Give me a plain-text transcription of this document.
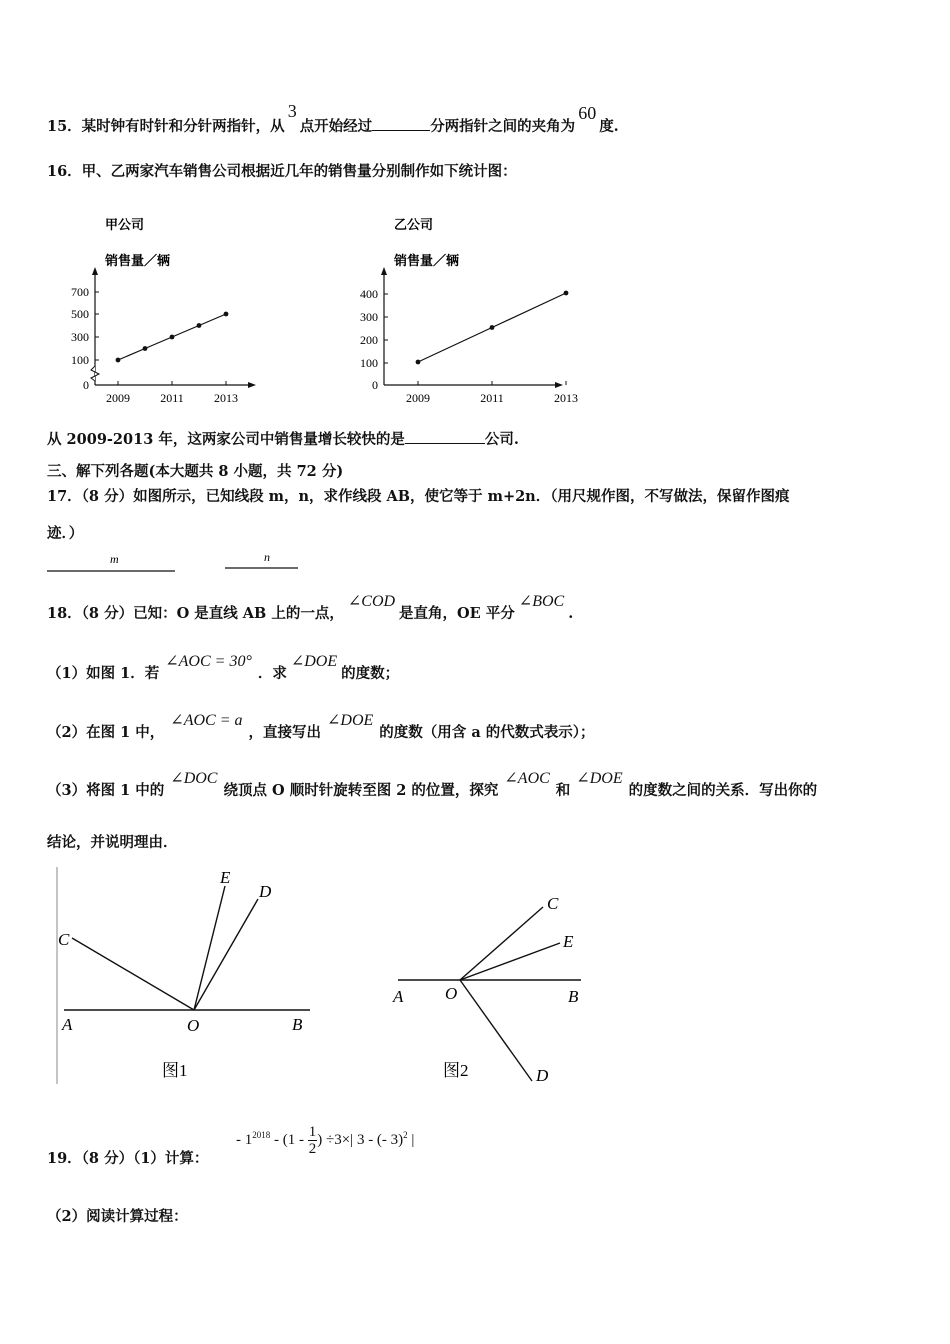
15．某时钟有时针和分针两指针，从3点开始经过	分两指针之间的夹角为60度.
16．甲、乙两家汽车销售公司根据近几年的销售量分别制作如下统计图：
甲公司
销售量／辆
0
100
300
500
700
2009	2011	2013
乙公司
销售量／辆
0
100
200
300
400
2009	2011	2013
从 2009-2013 年，这两家公司中销售量增长较快的是	公司.
三、解下列各题(本大题共 8 小题，共 72 分)
17．（8 分）如图所示，已知线段 m，n，求作线段 AB，使它等于 m+2n．（用尺规作图，不写做法，保留作图痕
迹．）
m	n
18．（8 分）已知：O 是直线 AB 上的一点，∠COD是直角，OE 平分∠BOC.
（1）如图 1．若∠AOC = 30°．求∠DOE的度数；
（2）在图 1 中，∠AOC = a，直接写出∠DOE的度数（用含 a 的代数式表示）；
（3）将图 1 中的∠DOC绕顶点 O 顺时针旋转至图 2 的位置，探究∠AOC和∠DOE的度数之间的关系．写出你的
结论，并说明理由．
A	O	B
C
E
D
图1
A O	B
C
E
D
图2
19．（8 分）（1）计算：
- $1^{2018} - (1 - \frac{1}{2}$ ) ÷3×| 3 - (- 3)$^2$ |
（2）阅读计算过程：
